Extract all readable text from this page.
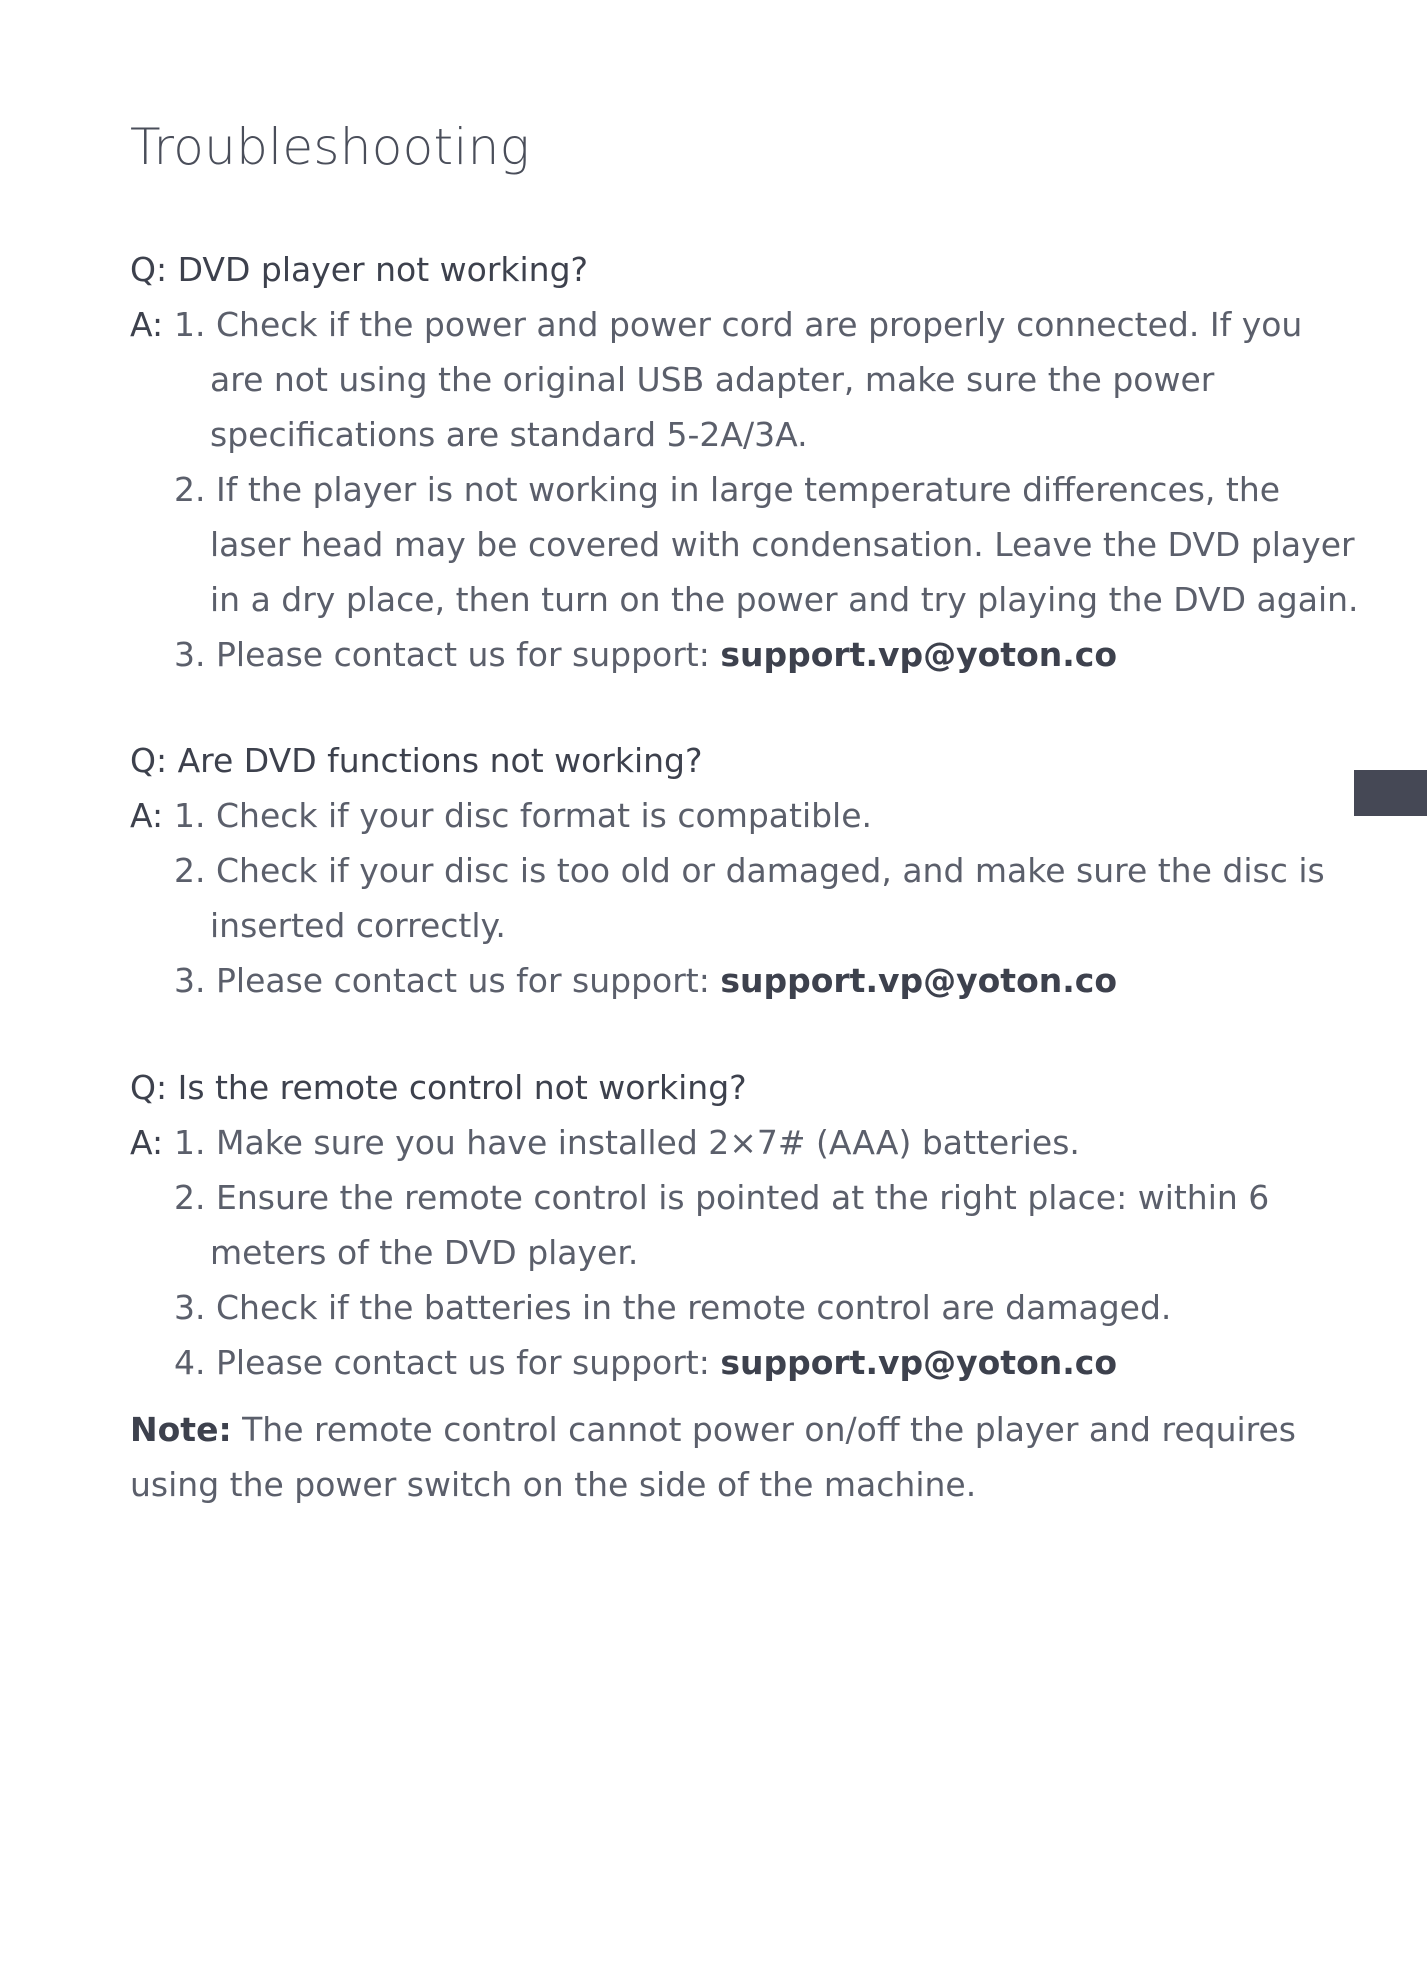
Troubleshooting
Q: DVD player not working?
A: 1. Check if the power and power cord are properly connected. If you
are not using the original USB adapter, make sure the power
specifications are standard 5-2A/3A.
2. If the player is not working in large temperature differences, the
laser head may be covered with condensation. Leave the DVD player
in a dry place, then turn on the power and try playing the DVD again.
3. Please contact us for support: support.vp@yoton.co
Q: Are DVD functions not working?
A: 1. Check if your disc format is compatible.
2. Check if your disc is too old or damaged, and make sure the disc is
inserted correctly.
3. Please contact us for support: support.vp@yoton.co
Q: Is the remote control not working?
A: 1. Make sure you have installed 2×7# (AAA) batteries.
2. Ensure the remote control is pointed at the right place: within 6
meters of the DVD player.
3. Check if the batteries in the remote control are damaged.
4. Please contact us for support: support.vp@yoton.co
Note: The remote control cannot power on/off the player and requires
using the power switch on the side of the machine.
